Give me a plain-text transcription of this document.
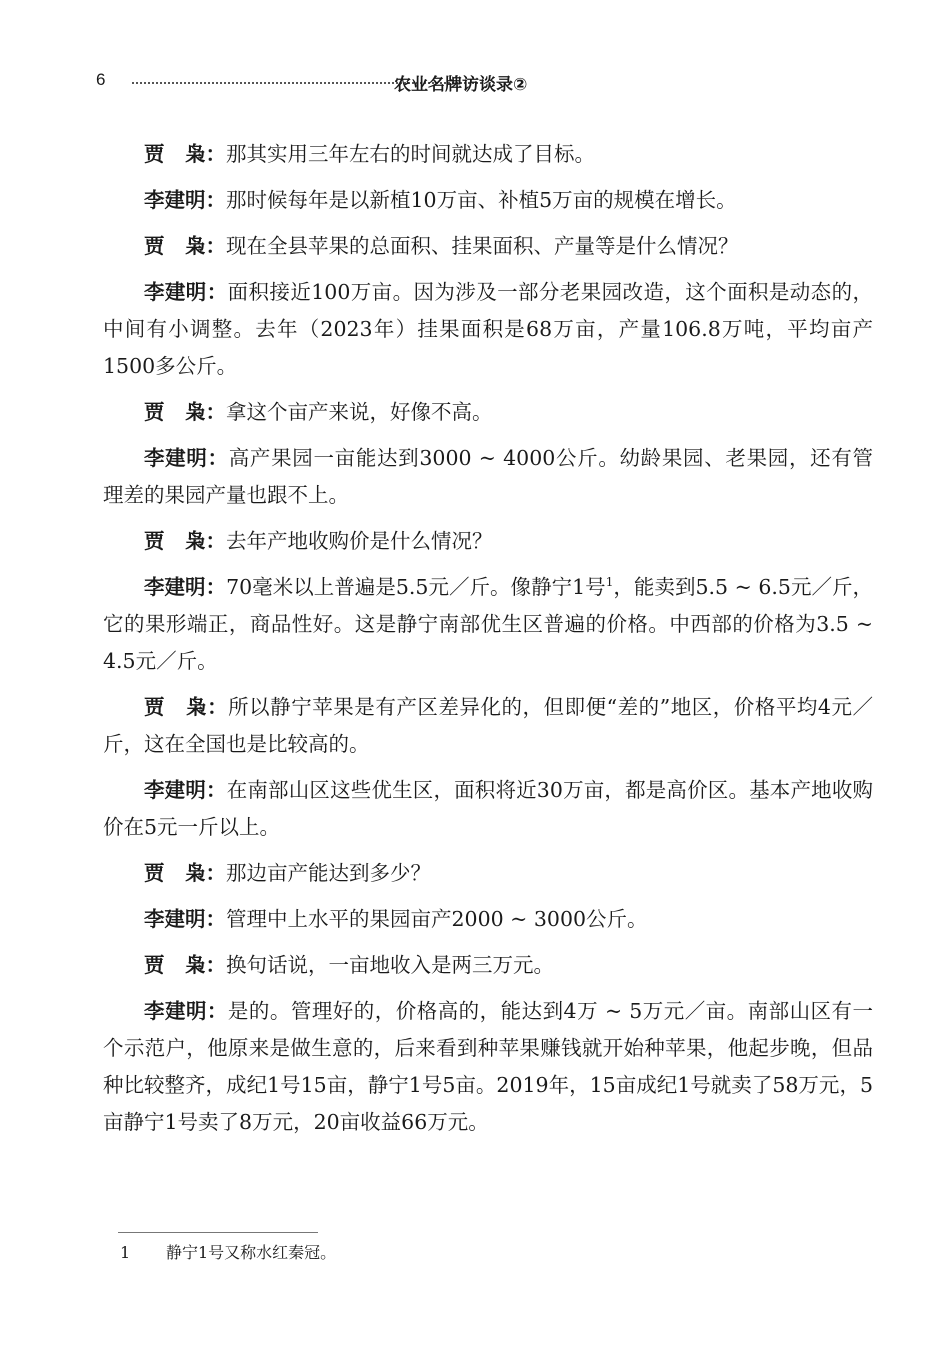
6	农业名牌访谈录②

贾　枭：那其实用三年左右的时间就达成了目标。

李建明：那时候每年是以新植10万亩、补植5万亩的规模在增长。

贾　枭：现在全县苹果的总面积、挂果面积、产量等是什么情况？

李建明：面积接近100万亩。因为涉及一部分老果园改造，这个面积是动态的，中间有小调整。去年（2023年）挂果面积是68万亩，产量106.8万吨，平均亩产1500多公斤。

贾　枭：拿这个亩产来说，好像不高。

李建明：高产果园一亩能达到3000 ~ 4000公斤。幼龄果园、老果园，还有管理差的果园产量也跟不上。

贾　枭：去年产地收购价是什么情况？

李建明：70毫米以上普遍是5.5元／斤。像静宁1号$^1$，能卖到5.5 ~ 6.5元／斤，它的果形端正，商品性好。这是静宁南部优生区普遍的价格。中西部的价格为3.5 ~ 4.5元／斤。

贾　枭：所以静宁苹果是有产区差异化的，但即便“差的”地区，价格平均4元／斤，这在全国也是比较高的。

李建明：在南部山区这些优生区，面积将近30万亩，都是高价区。基本产地收购价在5元一斤以上。

贾　枭：那边亩产能达到多少？

李建明：管理中上水平的果园亩产2000 ~ 3000公斤。

贾　枭：换句话说，一亩地收入是两三万元。

李建明：是的。管理好的，价格高的，能达到4万 ~ 5万元／亩。南部山区有一个示范户，他原来是做生意的，后来看到种苹果赚钱就开始种苹果，他起步晚，但品种比较整齐，成纪1号15亩，静宁1号5亩。2019年，15亩成纪1号就卖了58万元，5亩静宁1号卖了8万元，20亩收益66万元。

1 静宁1号又称水红秦冠。
